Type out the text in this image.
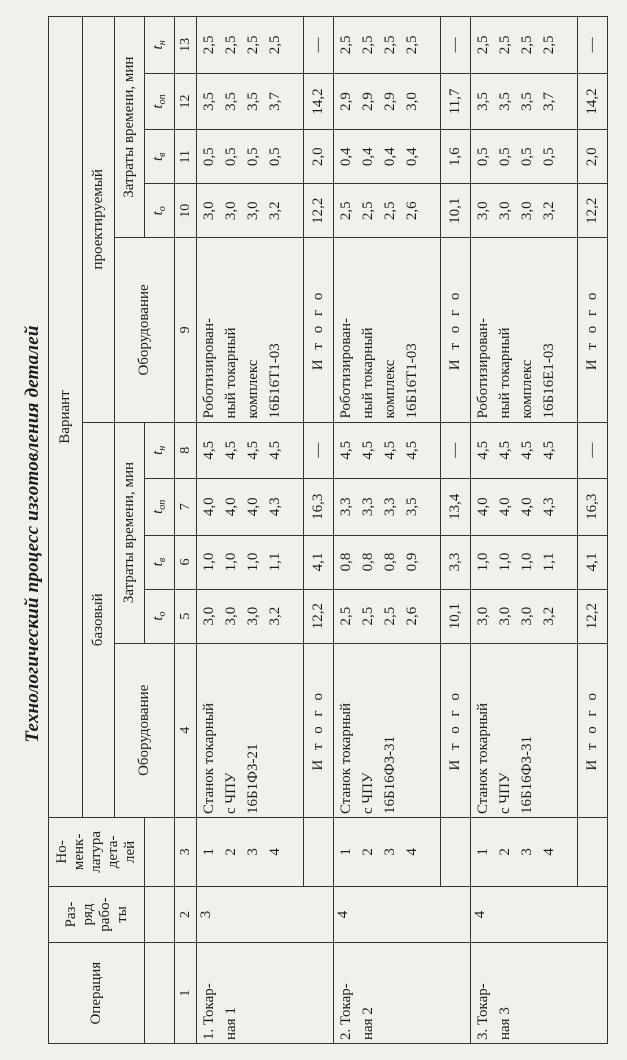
Технологический процесс изготовления деталей
Операция	Раз- ряд рабо- ты	Но- менк- латура дета- лей	Вариант									
			базовый					проектируемый				
			Оборудование	Затраты времени, мин				Оборудование	Затраты времени, мин			
				$t_о$	$t_в$	$t_{оп}$	$t_н$		$t_о$	$t_в$	$t_{оп}$	$t_н$
1	2	3	4	5	6	7	8	9	10	11	12	13

1. Токар- ная 1	3	1 2 3 4	Станок токарный с ЧПУ 16Б1ФЗ-21	3,0 3,0 3,0 3,2	1,0 1,0 1,0 1,1	4,0 4,0 4,0 4,3	4,5 4,5 4,5 4,5	Роботизирован- ный токарный комплекс 16Б16Т1-03	3,0 3,0 3,0 3,2	0,5 0,5 0,5 0,5	3,5 3,5 3,5 3,7	2,5 2,5 2,5 2,5

			И т о г о	12,2	4,1	16,3	—	И т о г о	12,2	2,0	14,2	—

2. Токар- ная 2	4	1 2 3 4	Станок токарный с ЧПУ 16Б16ФЗ-31	2,5 2,5 2,5 2,6	0,8 0,8 0,8 0,9	3,3 3,3 3,3 3,5	4,5 4,5 4,5 4,5	Роботизирован- ный токарный комплекс 16Б16Т1-03	2,5 2,5 2,5 2,6	0,4 0,4 0,4 0,4	2,9 2,9 2,9 3,0	2,5 2,5 2,5 2,5

			И т о г о	10,1	3,3	13,4	—	И т о г о	10,1	1,6	11,7	—

3. Токар- ная 3	4	1 2 3 4	Станок токарный с ЧПУ 16Б16ФЗ-31	3,0 3,0 3,0 3,2	1,0 1,0 1,0 1,1	4,0 4,0 4,0 4,3	4,5 4,5 4,5 4,5	Роботизирован- ный токарный комплекс 16Б16Е1-03	3,0 3,0 3,0 3,2	0,5 0,5 0,5 0,5	3,5 3,5 3,5 3,7	2,5 2,5 2,5 2,5

			И т о г о	12,2	4,1	16,3	—	И т о г о	12,2	2,0	14,2	—
